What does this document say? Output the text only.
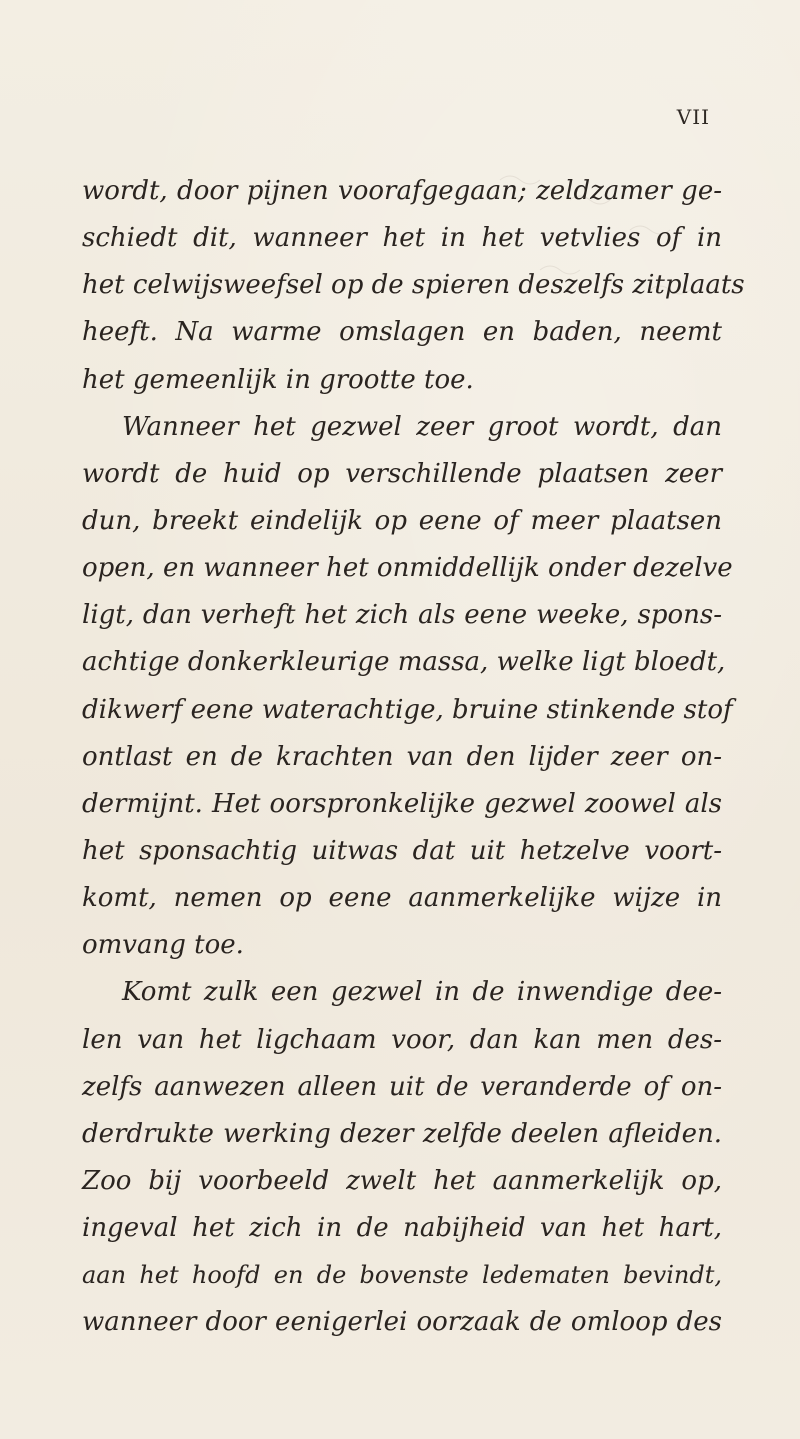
VII
wordt, door pijnen voorafgegaan; zeldzamer ge-
schiedt dit, wanneer het in het vetvlies of in
het celwijsweefsel op de spieren deszelfs zitplaats
heeft. Na warme omslagen en baden, neemt
het gemeenlijk in grootte toe.
Wanneer het gezwel zeer groot wordt, dan
wordt de huid op verschillende plaatsen zeer
dun, breekt eindelijk op eene of meer plaatsen
open, en wanneer het onmiddellijk onder dezelve
ligt, dan verheft het zich als eene weeke, spons-
achtige donkerkleurige massa, welke ligt bloedt,
dikwerf eene waterachtige, bruine stinkende stof
ontlast en de krachten van den lijder zeer on-
dermijnt. Het oorspronkelijke gezwel zoowel als
het sponsachtig uitwas dat uit hetzelve voort-
komt, nemen op eene aanmerkelijke wijze in
omvang toe.
Komt zulk een gezwel in de inwendige dee-
len van het ligchaam voor, dan kan men des-
zelfs aanwezen alleen uit de veranderde of on-
derdrukte werking dezer zelfde deelen afleiden.
Zoo bij voorbeeld zwelt het aanmerkelijk op,
ingeval het zich in de nabijheid van het hart,
aan het hoofd en de bovenste ledematen bevindt,
wanneer door eenigerlei oorzaak de omloop des
